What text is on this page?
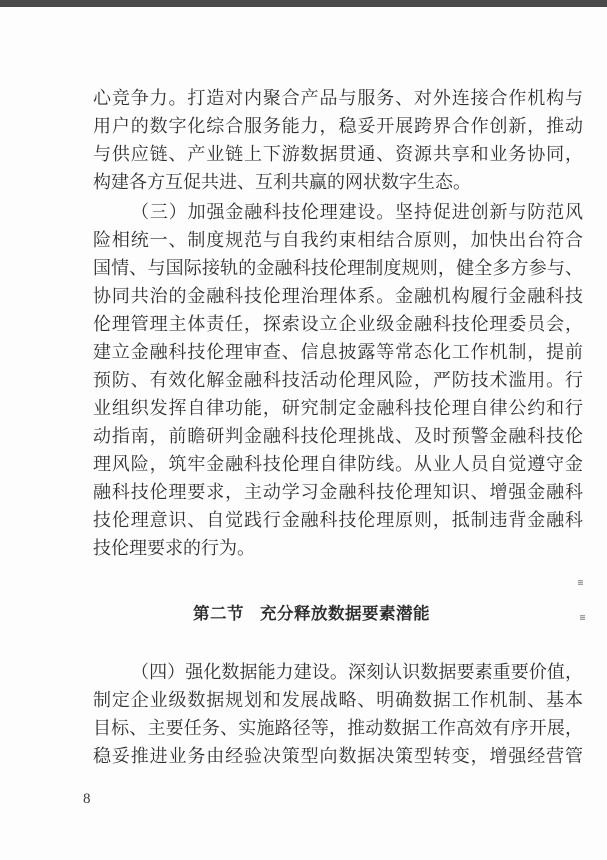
心竞争力。打造对内聚合产品与服务、对外连接合作机构与
用户的数字化综合服务能力，稳妥开展跨界合作创新，推动
与供应链、产业链上下游数据贯通、资源共享和业务协同，
构建各方互促共进、互利共赢的网状数字生态。
（三）加强金融科技伦理建设。坚持促进创新与防范风
险相统一、制度规范与自我约束相结合原则，加快出台符合
国情、与国际接轨的金融科技伦理制度规则，健全多方参与、
协同共治的金融科技伦理治理体系。金融机构履行金融科技
伦理管理主体责任，探索设立企业级金融科技伦理委员会，
建立金融科技伦理审查、信息披露等常态化工作机制，提前
预防、有效化解金融科技活动伦理风险，严防技术滥用。行
业组织发挥自律功能，研究制定金融科技伦理自律公约和行
动指南，前瞻研判金融科技伦理挑战、及时预警金融科技伦
理风险，筑牢金融科技伦理自律防线。从业人员自觉遵守金
融科技伦理要求，主动学习金融科技伦理知识、增强金融科
技伦理意识、自觉践行金融科技伦理原则，抵制违背金融科
技伦理要求的行为。
第二节 充分释放数据要素潜能
（四）强化数据能力建设。深刻认识数据要素重要价值，
制定企业级数据规划和发展战略、明确数据工作机制、基本
目标、主要任务、实施路径等，推动数据工作高效有序开展，
稳妥推进业务由经验决策型向数据决策型转变，增强经营管
8
